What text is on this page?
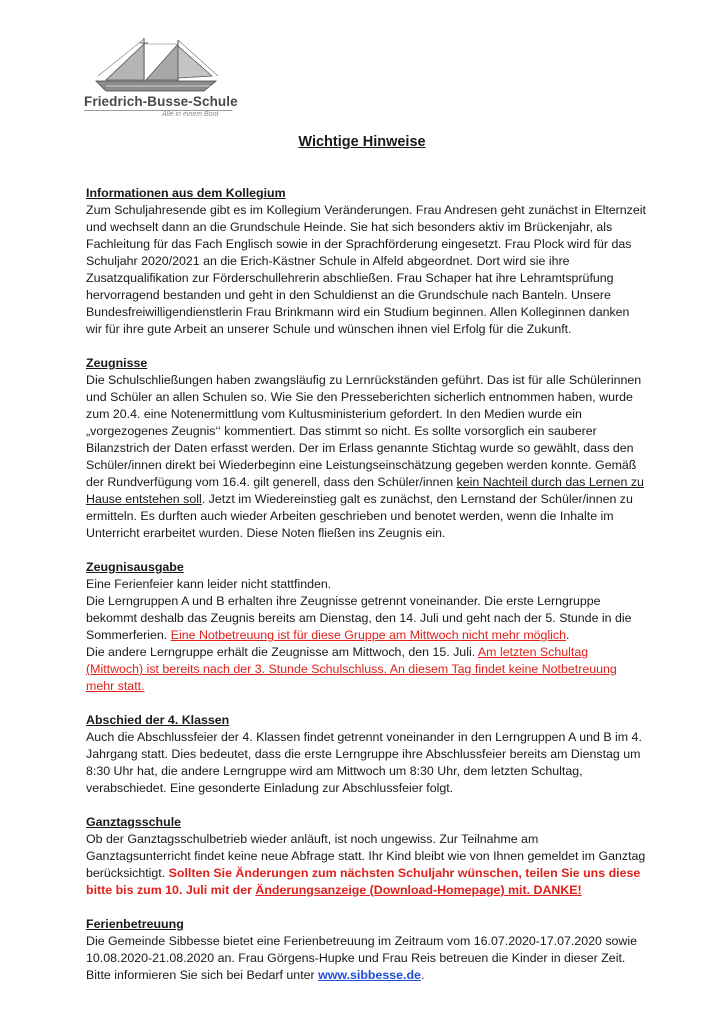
Friedrich-Busse-Schule
Alle in einem Boot
Wichtige Hinweise
Informationen aus dem Kollegium

Zum Schuljahresende gibt es im Kollegium Veränderungen. Frau Andresen geht zunächst in Elternzeit und wechselt dann an die Grundschule Heinde. Sie hat sich besonders aktiv im Brückenjahr, als Fachleitung für das Fach Englisch sowie in der Sprachförderung eingesetzt. Frau Plock wird für das Schuljahr 2020/2021 an die Erich-Kästner Schule in Alfeld abgeordnet. Dort wird sie ihre Zusatzqualifikation zur Förderschullehrerin abschließen. Frau Schaper hat ihre Lehramtsprüfung hervorragend bestanden und geht in den Schuldienst an die Grundschule nach Banteln. Unsere Bundesfreiwilligendienstlerin Frau Brinkmann wird ein Studium beginnen. Allen Kolleginnen danken wir für ihre gute Arbeit an unserer Schule und wünschen ihnen viel Erfolg für die Zukunft.

Zeugnisse

Die Schulschließungen haben zwangsläufig zu Lernrückständen geführt. Das ist für alle Schülerinnen und Schüler an allen Schulen so. Wie Sie den Presseberichten sicherlich entnommen haben, wurde zum 20.4. eine Notenermittlung vom Kultusministerium gefordert. In den Medien wurde ein „vorgezogenes Zeugnis‘‘ kommentiert. Das stimmt so nicht. Es sollte vorsorglich ein sauberer Bilanzstrich der Daten erfasst werden. Der im Erlass genannte Stichtag wurde so gewählt, dass den Schüler/innen direkt bei Wiederbeginn eine Leistungseinschätzung gegeben werden konnte. Gemäß der Rundverfügung vom 16.4. gilt generell, dass den Schüler/innen kein Nachteil durch das Lernen zu Hause entstehen soll. Jetzt im Wiedereinstieg galt es zunächst, den Lernstand der Schüler/innen zu ermitteln. Es durften auch wieder Arbeiten geschrieben und benotet werden, wenn die Inhalte im Unterricht erarbeitet wurden. Diese Noten fließen ins Zeugnis ein.

Zeugnisausgabe

Eine Ferienfeier kann leider nicht stattfinden.

Die Lerngruppen A und B erhalten ihre Zeugnisse getrennt voneinander. Die erste Lerngruppe bekommt deshalb das Zeugnis bereits am Dienstag, den 14. Juli und geht nach der 5. Stunde in die Sommerferien. Eine Notbetreuung ist für diese Gruppe am Mittwoch nicht mehr möglich.

Die andere Lerngruppe erhält die Zeugnisse am Mittwoch, den 15. Juli. Am letzten Schultag (Mittwoch) ist bereits nach der 3. Stunde Schulschluss. An diesem Tag findet keine Notbetreuung mehr statt.

Abschied der 4. Klassen

Auch die Abschlussfeier der 4. Klassen findet getrennt voneinander in den Lerngruppen A und B im 4. Jahrgang statt. Dies bedeutet, dass die erste Lerngruppe ihre Abschlussfeier bereits am Dienstag um 8:30 Uhr hat, die andere Lerngruppe wird am Mittwoch um 8:30 Uhr, dem letzten Schultag, verabschiedet. Eine gesonderte Einladung zur Abschlussfeier folgt.

Ganztagsschule

Ob der Ganztagsschulbetrieb wieder anläuft, ist noch ungewiss. Zur Teilnahme am Ganztagsunterricht findet keine neue Abfrage statt. Ihr Kind bleibt wie von Ihnen gemeldet im Ganztag berücksichtigt. Sollten Sie Änderungen zum nächsten Schuljahr wünschen, teilen Sie uns diese bitte bis zum 10. Juli mit der Änderungsanzeige (Download-Homepage) mit. DANKE!

Ferienbetreuung

Die Gemeinde Sibbesse bietet eine Ferienbetreuung im Zeitraum vom 16.07.2020-17.07.2020 sowie 10.08.2020-21.08.2020 an. Frau Görgens-Hupke und Frau Reis betreuen die Kinder in dieser Zeit. Bitte informieren Sie sich bei Bedarf unter www.sibbesse.de.
